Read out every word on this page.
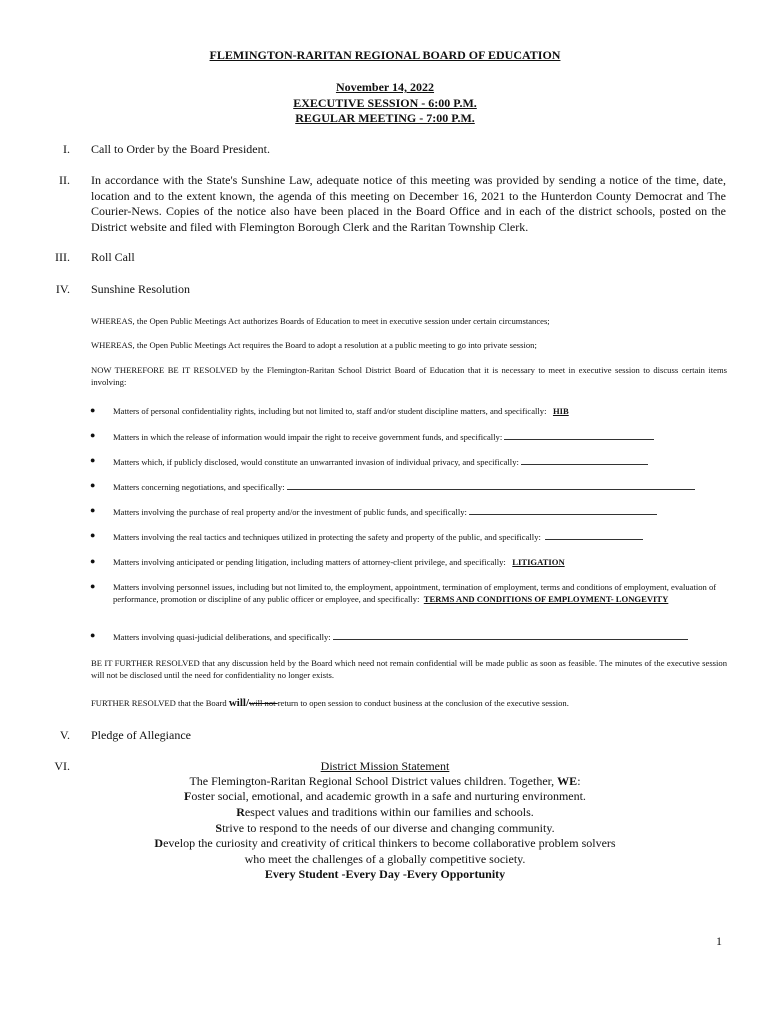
FLEMINGTON-RARITAN REGIONAL BOARD OF EDUCATION
November 14, 2022
EXECUTIVE SESSION - 6:00 P.M.
REGULAR MEETING - 7:00 P.M.
I. Call to Order by the Board President.
II. In accordance with the State's Sunshine Law, adequate notice of this meeting was provided by sending a notice of the time, date, location and to the extent known, the agenda of this meeting on December 16, 2021 to the Hunterdon County Democrat and The Courier-News. Copies of the notice also have been placed in the Board Office and in each of the district schools, posted on the District website and filed with Flemington Borough Clerk and the Raritan Township Clerk.
III. Roll Call
IV. Sunshine Resolution
WHEREAS, the Open Public Meetings Act authorizes Boards of Education to meet in executive session under certain circumstances;
WHEREAS, the Open Public Meetings Act requires the Board to adopt a resolution at a public meeting to go into private session;
NOW THEREFORE BE IT RESOLVED by the Flemington-Raritan School District Board of Education that it is necessary to meet in executive session to discuss certain items involving:
● Matters of personal confidentiality rights, including but not limited to, staff and/or student discipline matters, and specifically: HIB
● Matters in which the release of information would impair the right to receive government funds, and specifically:
● Matters which, if publicly disclosed, would constitute an unwarranted invasion of individual privacy, and specifically:
● Matters concerning negotiations, and specifically:
● Matters involving the purchase of real property and/or the investment of public funds, and specifically:
● Matters involving the real tactics and techniques utilized in protecting the safety and property of the public, and specifically:
● Matters involving anticipated or pending litigation, including matters of attorney-client privilege, and specifically: LITIGATION
● Matters involving personnel issues, including but not limited to, the employment, appointment, termination of employment, terms and conditions of employment, evaluation of performance, promotion or discipline of any public officer or employee, and specifically: TERMS AND CONDITIONS OF EMPLOYMENT- LONGEVITY
● Matters involving quasi-judicial deliberations, and specifically:
BE IT FURTHER RESOLVED that any discussion held by the Board which need not remain confidential will be made public as soon as feasible. The minutes of the executive session will not be disclosed until the need for confidentiality no longer exists.
FURTHER RESOLVED that the Board will/will not return to open session to conduct business at the conclusion of the executive session.
V. Pledge of Allegiance
VI.	District Mission Statement
The Flemington-Raritan Regional School District values children. Together, WE:
Foster social, emotional, and academic growth in a safe and nurturing environment.
Respect values and traditions within our families and schools.
Strive to respond to the needs of our diverse and changing community.
Develop the curiosity and creativity of critical thinkers to become collaborative problem solvers
who meet the challenges of a globally competitive society.
Every Student -Every Day -Every Opportunity
1
